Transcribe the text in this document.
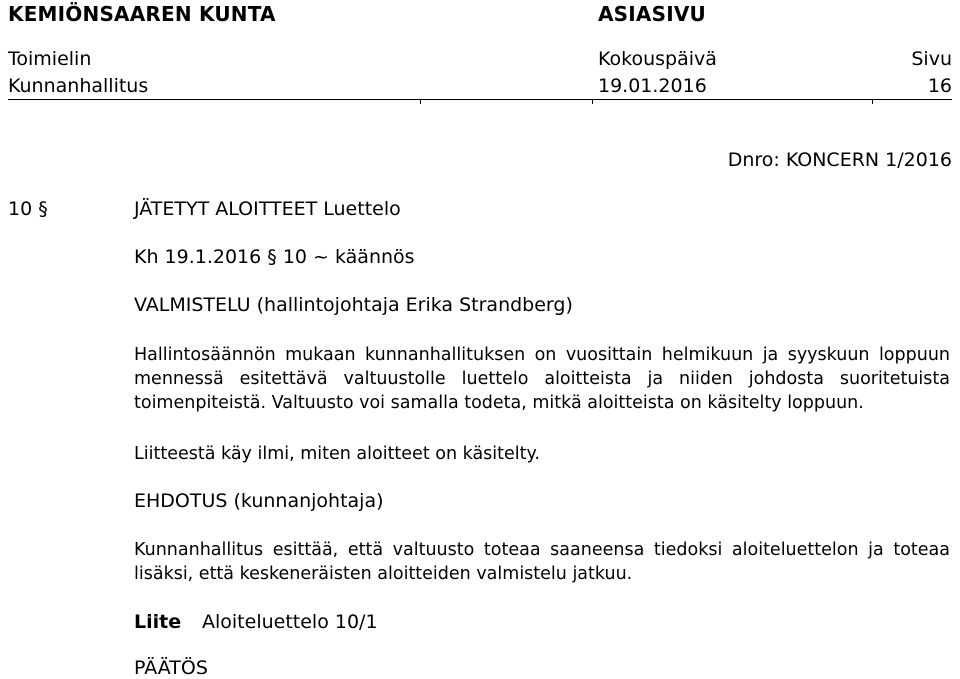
KEMIÖNSAAREN KUNTA	ASIASIVU
Toimielin
Kunnanhallitus
Kokouspäivä
19.01.2016
Sivu
16
Dnro: KONCERN 1/2016
10 §	JÄTETYT ALOITTEET Luettelo
Kh 19.1.2016 § 10 ~ käännös
VALMISTELU (hallintojohtaja Erika Strandberg)
Hallintosäännön mukaan kunnanhallituksen on vuosittain helmikuun ja syyskuun loppuun mennessä esitettävä valtuustolle luettelo aloitteista ja niiden johdosta suoritetuista toimenpiteistä. Valtuusto voi samalla todeta, mitkä aloitteista on käsitelty loppuun.
Liitteestä käy ilmi, miten aloitteet on käsitelty.
EHDOTUS (kunnanjohtaja)
Kunnanhallitus esittää, että valtuusto toteaa saaneensa tiedoksi aloiteluettelon ja toteaa lisäksi, että keskeneräisten aloitteiden valmistelu jatkuu.
Liite Aloiteluettelo 10/1
PÄÄTÖS
